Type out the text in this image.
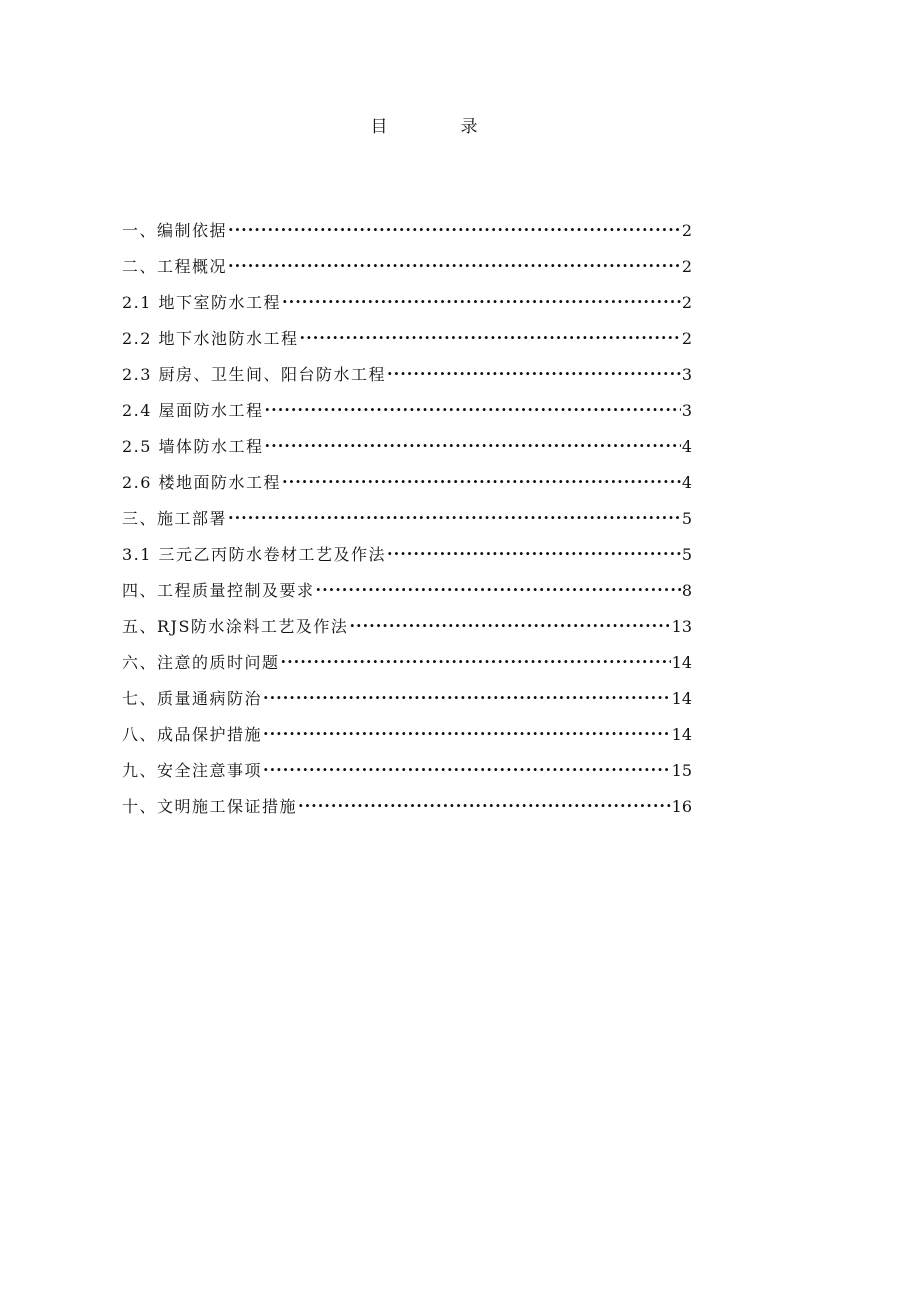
目　录
一、编制依据 ·····	2
二、工程概况 ·····	2
2.1 地下室防水工程 ·····	2
2.2 地下水池防水工程 ·····	2
2.3 厨房、卫生间、阳台防水工程 ·····	3
2.4 屋面防水工程 ·····	3
2.5 墙体防水工程 ·····	4
2.6 楼地面防水工程 ·····	4
三、施工部署 ·····	5
3.1 三元乙丙防水卷材工艺及作法 ·····	5
四、工程质量控制及要求 ·····	8
五、RJS防水涂料工艺及作法 ·····	13
六、注意的质时问题 ·····	14
七、质量通病防治 ·····	14
八、成品保护措施 ·····	14
九、安全注意事项 ·····	15
十、文明施工保证措施 ·····	16
